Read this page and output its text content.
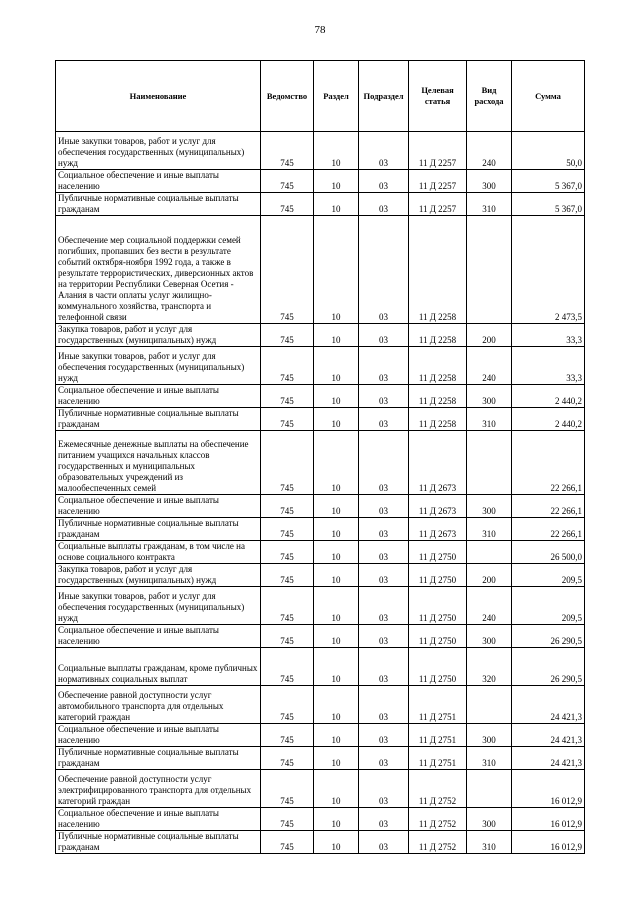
78
Наименование	Ведомство	Раздел	Подраздел	Целевая статья	Вид расхода	Сумма
Иные закупки товаров, работ и услуг для обеспечения государственных (муниципальных) нужд	745	10	03	11 Д 2257	240	50,0
Социальное обеспечение и иные выплаты населению	745	10	03	11 Д 2257	300	5 367,0
Публичные нормативные социальные выплаты гражданам	745	10	03	11 Д 2257	310	5 367,0
Обеспечение мер социальной поддержки семей погибших, пропавших без вести в результате событий октября-ноября 1992 года, а также в результате террористических, диверсионных актов на территории Республики Северная Осетия - Алания в части оплаты услуг жилищно-коммунального хозяйства, транспорта и телефонной связи	745	10	03	11 Д 2258		2 473,5
Закупка товаров, работ и услуг для государственных (муниципальных) нужд	745	10	03	11 Д 2258	200	33,3
Иные закупки товаров, работ и услуг для обеспечения государственных (муниципальных) нужд	745	10	03	11 Д 2258	240	33,3
Социальное обеспечение и иные выплаты населению	745	10	03	11 Д 2258	300	2 440,2
Публичные нормативные социальные выплаты гражданам	745	10	03	11 Д 2258	310	2 440,2
Ежемесячные денежные выплаты на обеспечение питанием учащихся начальных классов государственных и муниципальных образовательных учреждений из малообеспеченных семей	745	10	03	11 Д 2673		22 266,1
Социальное обеспечение и иные выплаты населению	745	10	03	11 Д 2673	300	22 266,1
Публичные нормативные социальные выплаты гражданам	745	10	03	11 Д 2673	310	22 266,1
Социальные выплаты гражданам, в том числе на основе социального контракта	745	10	03	11 Д 2750		26 500,0
Закупка товаров, работ и услуг для государственных (муниципальных) нужд	745	10	03	11 Д 2750	200	209,5
Иные закупки товаров, работ и услуг для обеспечения государственных (муниципальных) нужд	745	10	03	11 Д 2750	240	209,5
Социальное обеспечение и иные выплаты населению	745	10	03	11 Д 2750	300	26 290,5
Социальные выплаты гражданам, кроме публичных нормативных социальных выплат	745	10	03	11 Д 2750	320	26 290,5
Обеспечение равной доступности услуг автомобильного транспорта для отдельных категорий граждан	745	10	03	11 Д 2751		24 421,3
Социальное обеспечение и иные выплаты населению	745	10	03	11 Д 2751	300	24 421,3
Публичные нормативные социальные выплаты гражданам	745	10	03	11 Д 2751	310	24 421,3
Обеспечение равной доступности услуг электрифицированного транспорта для отдельных категорий граждан	745	10	03	11 Д 2752		16 012,9
Социальное обеспечение и иные выплаты населению	745	10	03	11 Д 2752	300	16 012,9
Публичные нормативные социальные выплаты гражданам	745	10	03	11 Д 2752	310	16 012,9
